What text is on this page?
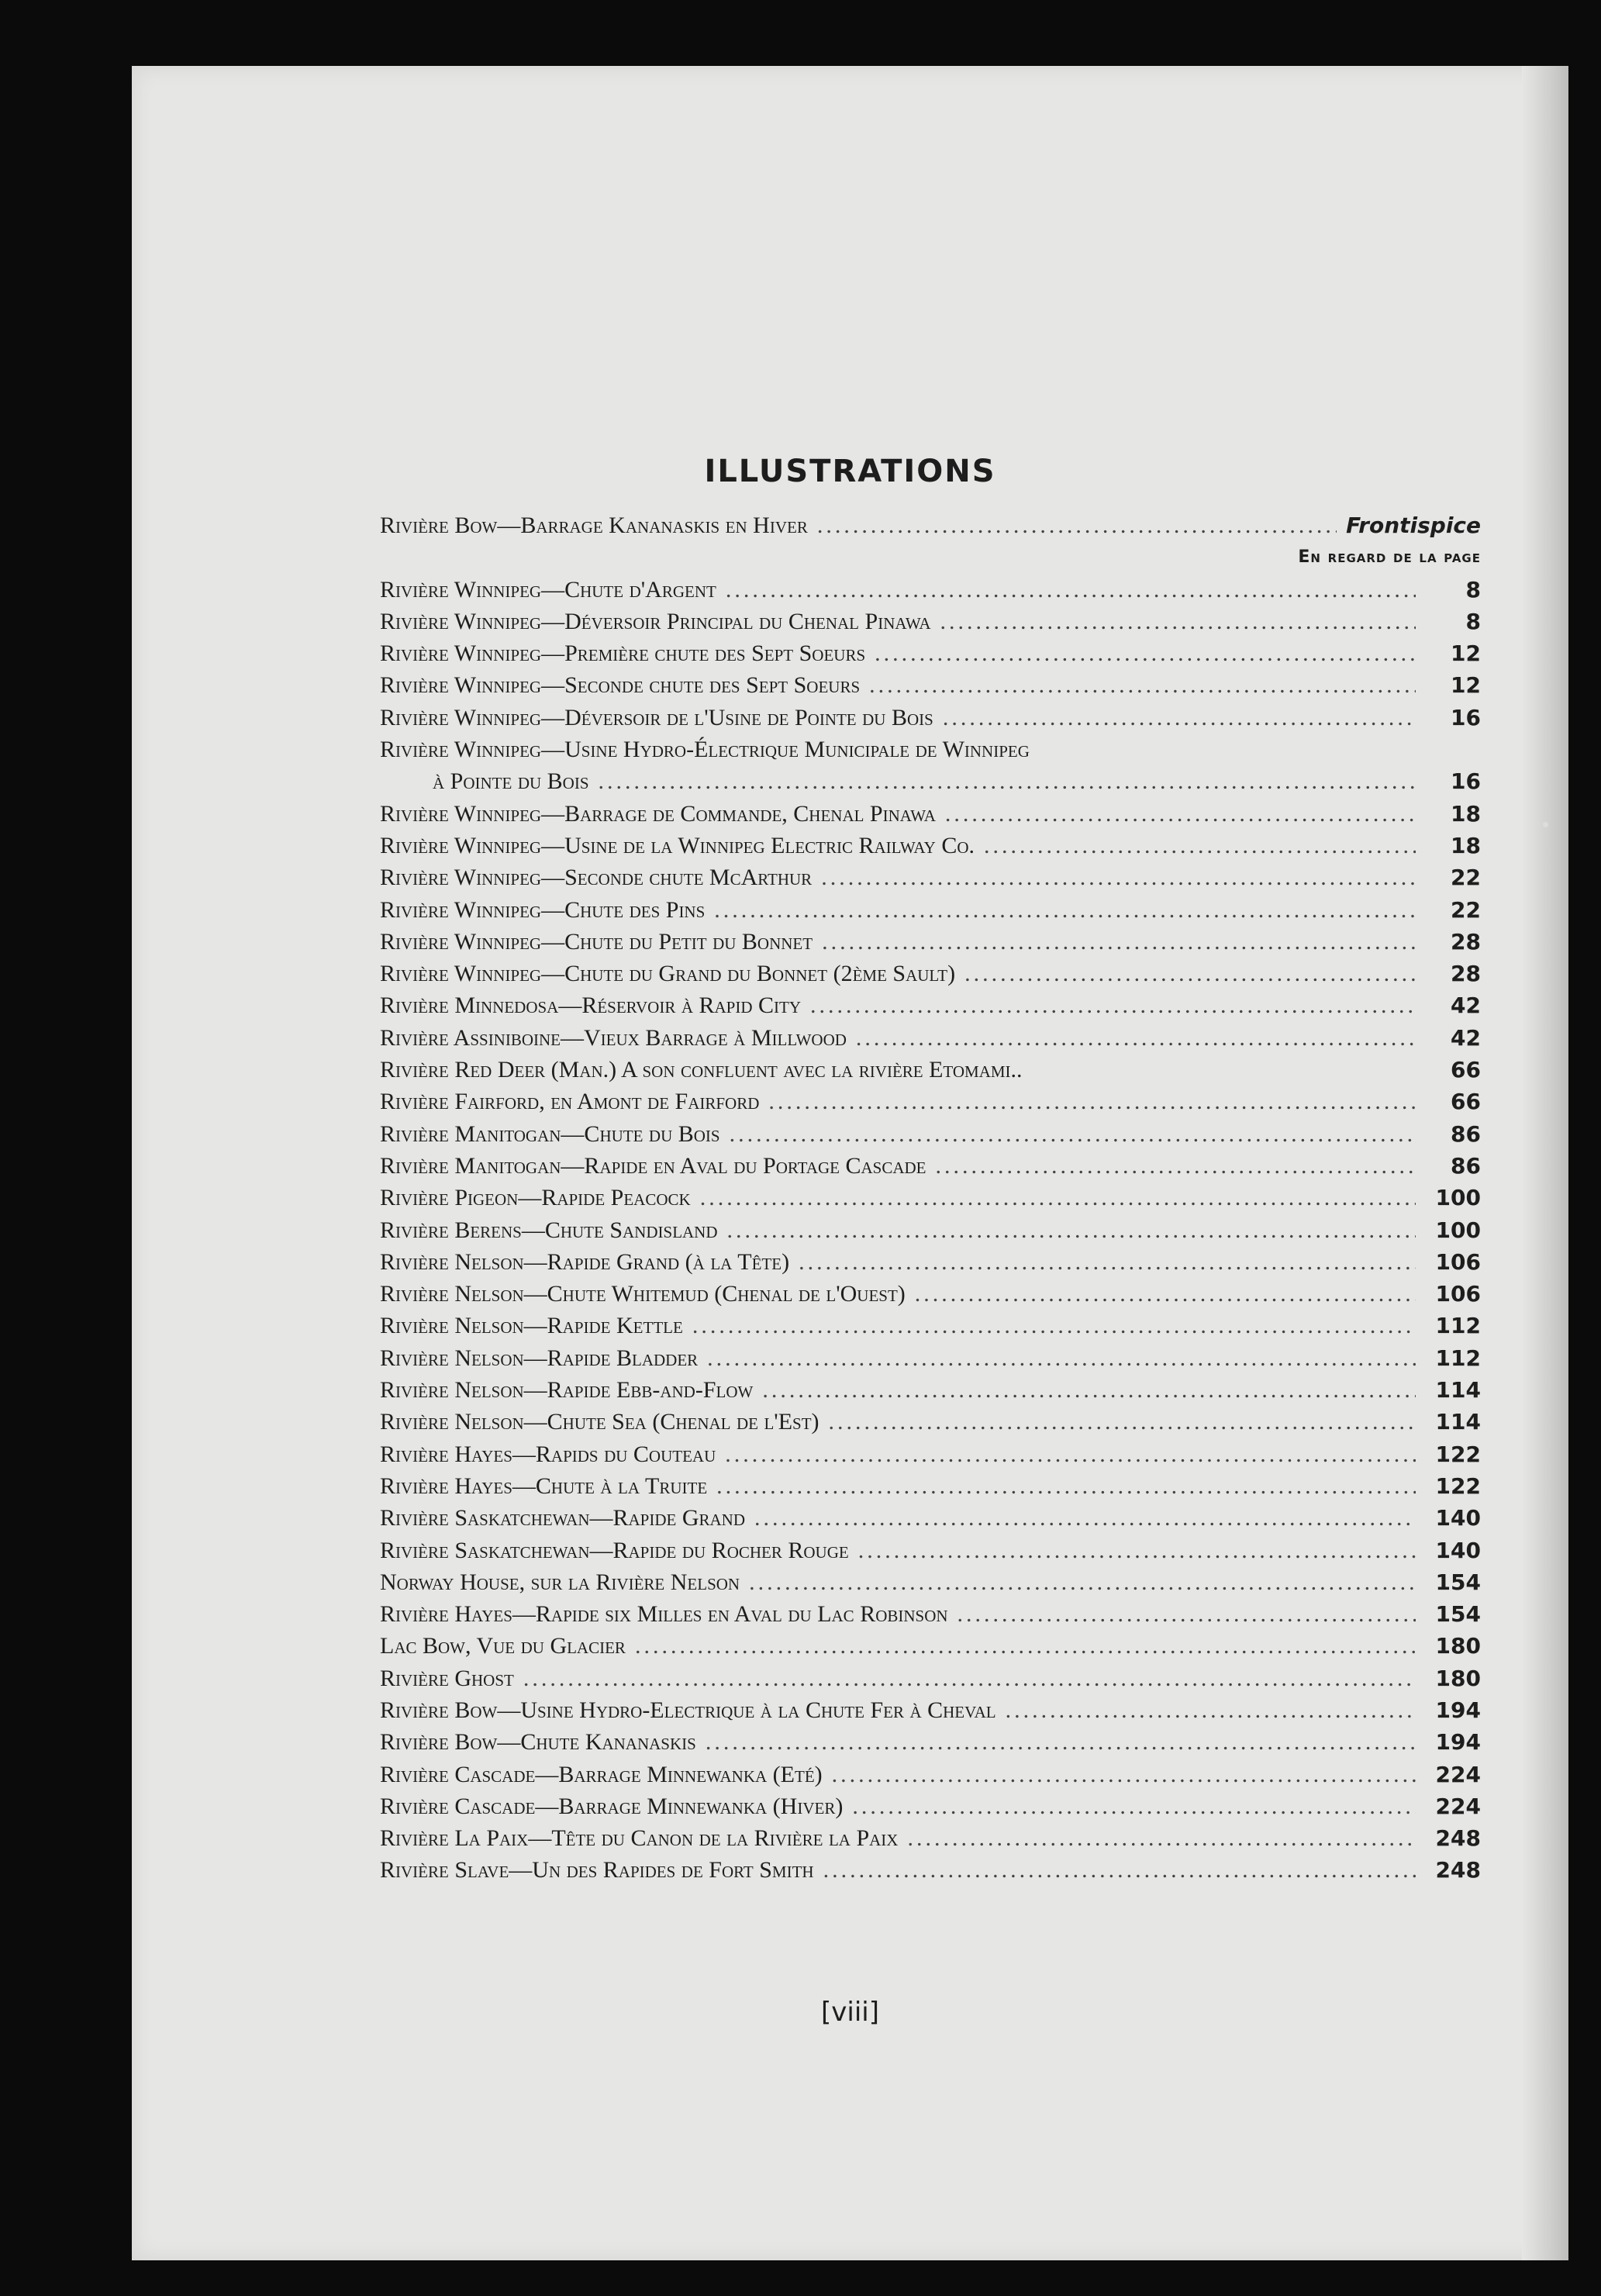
ILLUSTRATIONS
Rivière Bow—Barrage Kananaskis en Hiver .....	Frontispice
En regard de la page
Rivière Winnipeg—Chute d'Argent .....	8
Rivière Winnipeg—Déversoir Principal du Chenal Pinawa .....	8
Rivière Winnipeg—Première chute des Sept Soeurs .....	12
Rivière Winnipeg—Seconde chute des Sept Soeurs .....	12
Rivière Winnipeg—Déversoir de l'Usine de Pointe du Bois .....	16
Rivière Winnipeg—Usine Hydro-Électrique Municipale de Winnipeg
à Pointe du Bois .....	16
Rivière Winnipeg—Barrage de Commande, Chenal Pinawa .....	18
Rivière Winnipeg—Usine de la Winnipeg Electric Railway Co. .....	18
Rivière Winnipeg—Seconde chute McArthur .....	22
Rivière Winnipeg—Chute des Pins .....	22
Rivière Winnipeg—Chute du Petit du Bonnet .....	28
Rivière Winnipeg—Chute du Grand du Bonnet (2ème Sault) .....	28
Rivière Minnedosa—Réservoir à Rapid City .....	42
Rivière Assiniboine—Vieux Barrage à Millwood .....	42
Rivière Red Deer (Man.) A son confluent avec la rivière Etomami..	66
Rivière Fairford, en Amont de Fairford .....	66
Rivière Manitogan—Chute du Bois .....	86
Rivière Manitogan—Rapide en Aval du Portage Cascade .....	86
Rivière Pigeon—Rapide Peacock .....	100
Rivière Berens—Chute Sandisland .....	100
Rivière Nelson—Rapide Grand (à la Tête) .....	106
Rivière Nelson—Chute Whitemud (Chenal de l'Ouest) .....	106
Rivière Nelson—Rapide Kettle .....	112
Rivière Nelson—Rapide Bladder .....	112
Rivière Nelson—Rapide Ebb-and-Flow .....	114
Rivière Nelson—Chute Sea (Chenal de l'Est) .....	114
Rivière Hayes—Rapids du Couteau .....	122
Rivière Hayes—Chute à la Truite .....	122
Rivière Saskatchewan—Rapide Grand .....	140
Rivière Saskatchewan—Rapide du Rocher Rouge .....	140
Norway House, sur la Rivière Nelson .....	154
Rivière Hayes—Rapide six Milles en Aval du Lac Robinson .....	154
Lac Bow, Vue du Glacier .....	180
Rivière Ghost .....	180
Rivière Bow—Usine Hydro-Electrique à la Chute Fer à Cheval .....	194
Rivière Bow—Chute Kananaskis .....	194
Rivière Cascade—Barrage Minnewanka (Eté) .....	224
Rivière Cascade—Barrage Minnewanka (Hiver) .....	224
Rivière La Paix—Tête du Canon de la Rivière la Paix .....	248
Rivière Slave—Un des Rapides de Fort Smith .....	248
[viii]
